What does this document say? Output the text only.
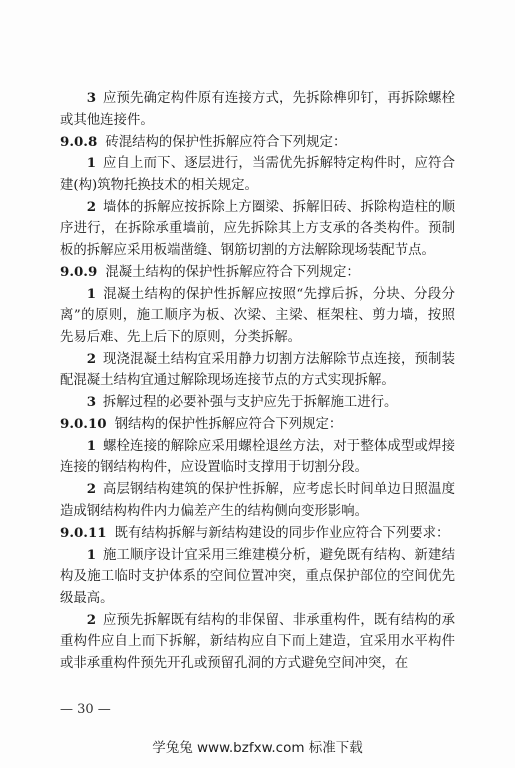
3 应预先确定构件原有连接方式，先拆除榫卯钉，再拆除螺栓或其他连接件。

9.0.8 砖混结构的保护性拆解应符合下列规定：

1 应自上而下、逐层进行，当需优先拆解特定构件时，应符合建(构)筑物托换技术的相关规定。

2 墙体的拆解应按拆除上方圈梁、拆解旧砖、拆除构造柱的顺序进行，在拆除承重墙前，应先拆除其上方支承的各类构件。预制板的拆解应采用板端凿缝、钢筋切割的方法解除现场装配节点。

9.0.9 混凝土结构的保护性拆解应符合下列规定：

1 混凝土结构的保护性拆解应按照“先撑后拆，分块、分段分离”的原则，施工顺序为板、次梁、主梁、框架柱、剪力墙，按照先易后难、先上后下的原则，分类拆解。

2 现浇混凝土结构宜采用静力切割方法解除节点连接，预制装配混凝土结构宜通过解除现场连接节点的方式实现拆解。

3 拆解过程的必要补强与支护应先于拆解施工进行。

9.0.10 钢结构的保护性拆解应符合下列规定：

1 螺栓连接的解除应采用螺栓退丝方法，对于整体成型或焊接连接的钢结构构件，应设置临时支撑用于切割分段。

2 高层钢结构建筑的保护性拆解，应考虑长时间单边日照温度造成钢结构构件内力偏差产生的结构侧向变形影响。

9.0.11 既有结构拆解与新结构建设的同步作业应符合下列要求：

1 施工顺序设计宜采用三维建模分析，避免既有结构、新建结构及施工临时支护体系的空间位置冲突，重点保护部位的空间优先级最高。

2 应预先拆解既有结构的非保留、非承重构件，既有结构的承重构件应自上而下拆解，新结构应自下而上建造，宜采用水平构件或非承重构件预先开孔或预留孔洞的方式避免空间冲突，在

— 30 —
学兔兔 www.bzfxw.com 标准下载
